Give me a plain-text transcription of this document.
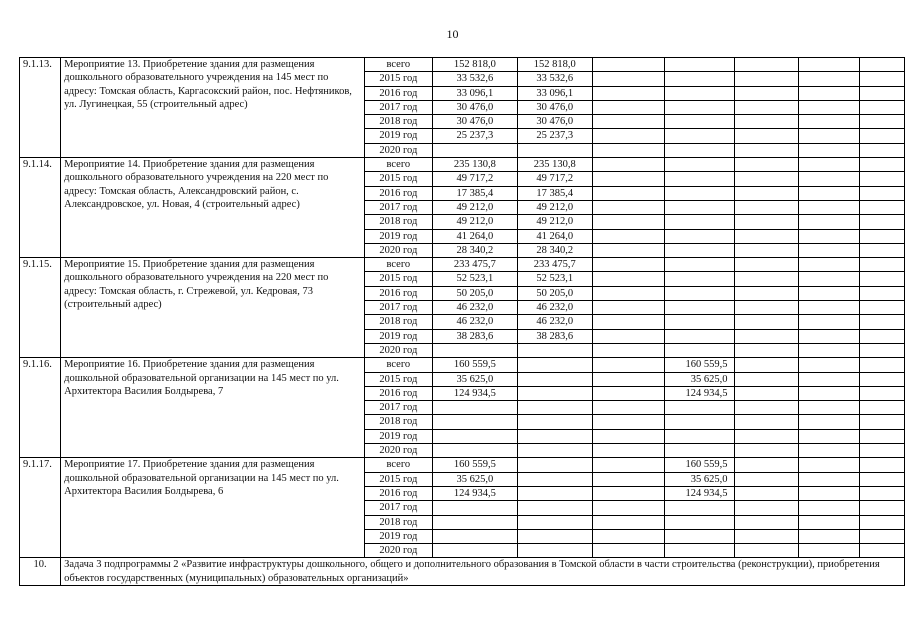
10
9.1.13.	Мероприятие 13. Приобретение здания для размещения дошкольного образовательного учреждения на 145 мест по адресу: Томская область, Каргасокский район, пос. Нефтяников, ул. Лугинецкая, 55 (строительный адрес)	всего	152 818,0	152 818,0					
		2015 год	33 532,6	33 532,6					
		2016 год	33 096,1	33 096,1					
		2017 год	30 476,0	30 476,0					
		2018 год	30 476,0	30 476,0					
		2019 год	25 237,3	25 237,3					
		2020 год							
9.1.14.	Мероприятие 14. Приобретение здания для размещения дошкольного образовательного учреждения на 220 мест по адресу: Томская область, Александровский район, с. Александровское, ул. Новая, 4 (строительный адрес)	всего	235 130,8	235 130,8					
		2015 год	49 717,2	49 717,2					
		2016 год	17 385,4	17 385,4					
		2017 год	49 212,0	49 212,0					
		2018 год	49 212,0	49 212,0					
		2019 год	41 264,0	41 264,0					
		2020 год	28 340,2	28 340,2					
9.1.15.	Мероприятие 15. Приобретение здания для размещения дошкольного образовательного учреждения на 220 мест по адресу: Томская область, г. Стрежевой, ул. Кедровая, 73 (строительный адрес)	всего	233 475,7	233 475,7					
		2015 год	52 523,1	52 523,1					
		2016 год	50 205,0	50 205,0					
		2017 год	46 232,0	46 232,0					
		2018 год	46 232,0	46 232,0					
		2019 год	38 283,6	38 283,6					
		2020 год							
9.1.16.	Мероприятие 16. Приобретение здания для размещения дошкольной образовательной организации на 145 мест по ул. Архитектора Василия Болдырева, 7	всего	160 559,5			160 559,5			
		2015 год	35 625,0			35 625,0			
		2016 год	124 934,5			124 934,5			
		2017 год							
		2018 год							
		2019 год							
		2020 год							
9.1.17.	Мероприятие 17. Приобретение здания для размещения дошкольной образовательной организации на 145 мест по ул. Архитектора Василия Болдырева, 6	всего	160 559,5			160 559,5			
		2015 год	35 625,0			35 625,0			
		2016 год	124 934,5			124 934,5			
		2017 год							
		2018 год							
		2019 год							
		2020 год							
10.	Задача 3 подпрограммы 2 «Развитие инфраструктуры дошкольного, общего и дополнительного образования в Томской области в части строительства (реконструкции), приобретения объектов государственных (муниципальных) образовательных организаций»								
